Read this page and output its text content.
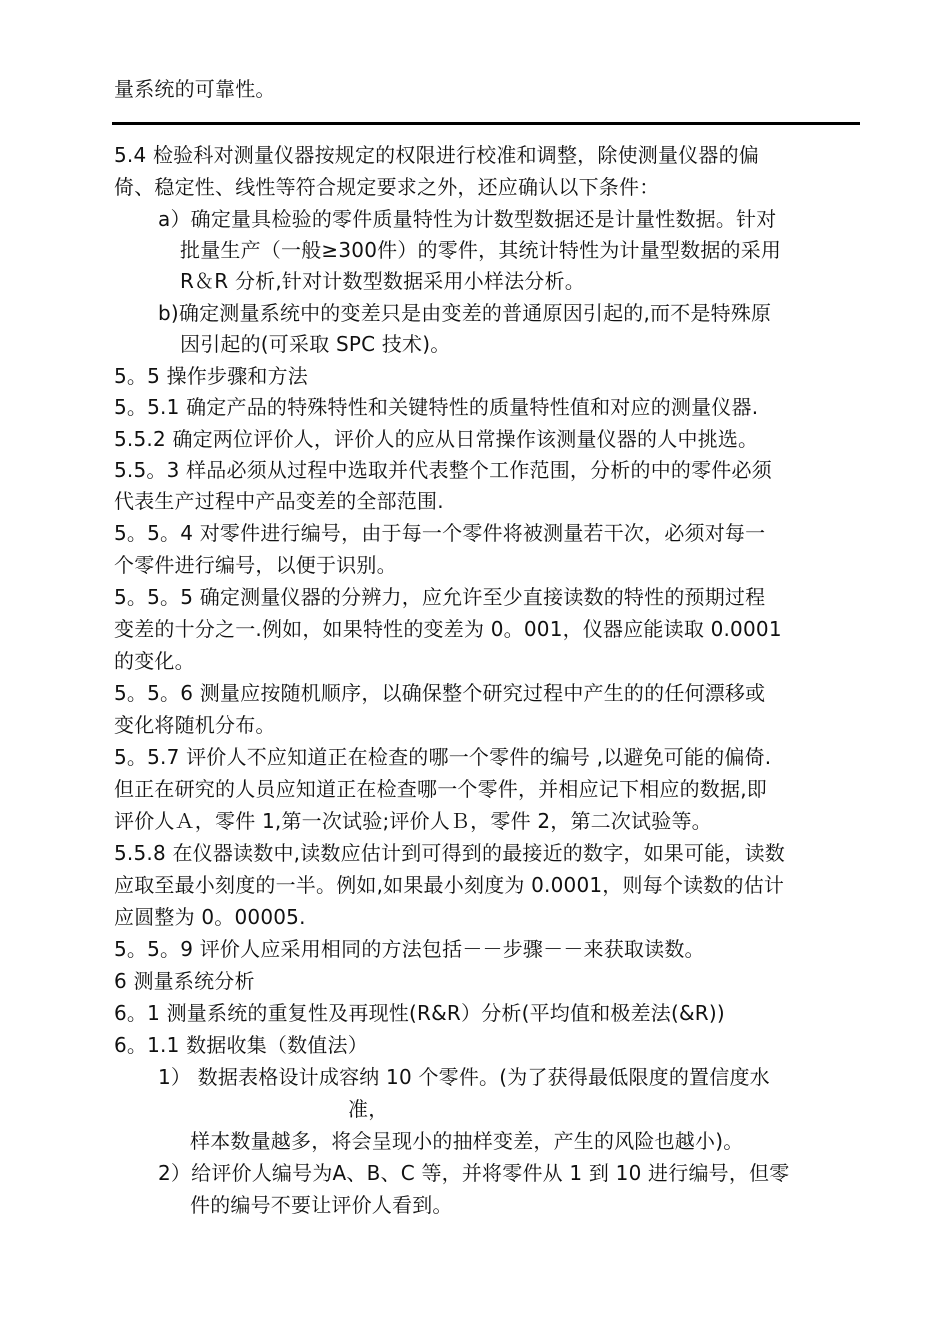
量系统的可靠性。
5.4 检验科对测量仪器按规定的权限进行校准和调整，除使测量仪器的偏
倚、稳定性、线性等符合规定要求之外，还应确认以下条件：
a）确定量具检验的零件质量特性为计数型数据还是计量性数据。针对
批量生产（一般≥300件）的零件，其统计特性为计量型数据的采用
R＆R 分析,针对计数型数据采用小样法分析。
b)确定测量系统中的变差只是由变差的普通原因引起的,而不是特殊原
因引起的(可采取 SPC 技术)。
5。5 操作步骤和方法
5。5.1 确定产品的特殊特性和关键特性的质量特性值和对应的测量仪器.
5.5.2 确定两位评价人，评价人的应从日常操作该测量仪器的人中挑选。
5.5。3 样品必须从过程中选取并代表整个工作范围，分析的中的零件必须
代表生产过程中产品变差的全部范围.
5。5。4 对零件进行编号，由于每一个零件将被测量若干次，必须对每一
个零件进行编号，以便于识别。
5。5。5 确定测量仪器的分辨力，应允许至少直接读数的特性的预期过程
变差的十分之一.例如，如果特性的变差为 0。001，仪器应能读取 0.0001
的变化。
5。5。6 测量应按随机顺序，以确保整个研究过程中产生的的任何漂移或
变化将随机分布。
5。5.7 评价人不应知道正在检查的哪一个零件的编号 ,以避免可能的偏倚.
但正在研究的人员应知道正在检查哪一个零件，并相应记下相应的数据,即
评价人Ａ，零件 1,第一次试验;评价人Ｂ，零件 2，第二次试验等。
5.5.8 在仪器读数中,读数应估计到可得到的最接近的数字，如果可能，读数
应取至最小刻度的一半。例如,如果最小刻度为 0.0001，则每个读数的估计
应圆整为 0。00005.
5。5。9 评价人应采用相同的方法包括－－步骤－－来获取读数。
6 测量系统分析
6。1 测量系统的重复性及再现性(R&R）分析(平均值和极差法(&R))
6。1.1 数据收集（数值法）
1） 数据表格设计成容纳 10 个零件。(为了获得最低限度的置信度水
准，
样本数量越多，将会呈现小的抽样变差，产生的风险也越小)。
2）给评价人编号为A、B、C 等，并将零件从 1 到 10 进行编号，但零
件的编号不要让评价人看到。
